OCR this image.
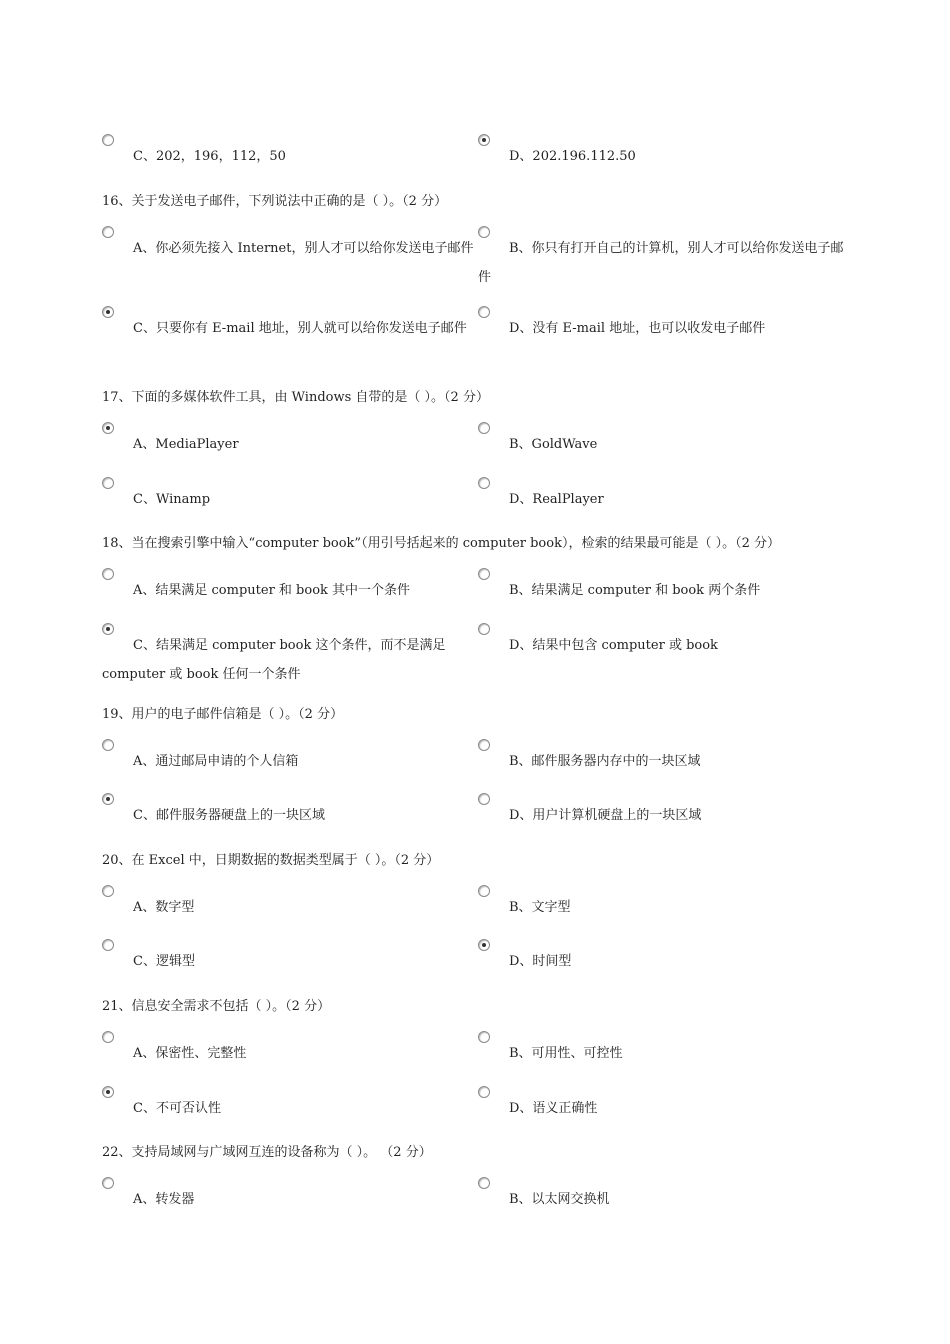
C、202，196，112，50	D、202.196.112.50
16、关于发送电子邮件，下列说法中正确的是（ ）。（2 分）
A、你必须先接入 Internet，别人才可以给你发送电子邮件	B、你只有打开自己的计算机，别人才可以给你发送电子邮件
C、只要你有 E-mail 地址，别人就可以给你发送电子邮件	D、没有 E-mail 地址，也可以收发电子邮件
17、下面的多媒体软件工具，由 Windows 自带的是（ ）。（2 分）
A、MediaPlayer	B、GoldWave
C、Winamp	D、RealPlayer
18、当在搜索引擎中输入“computer book”（用引号括起来的 computer book），检索的结果最可能是（ ）。（2 分）
A、结果满足 computer 和 book 其中一个条件	B、结果满足 computer 和 book 两个条件
C、结果满足 computer book 这个条件，而不是满足 computer 或 book 任何一个条件
D、结果中包含 computer 或 book
19、用户的电子邮件信箱是（ ）。（2 分）
A、通过邮局申请的个人信箱	B、邮件服务器内存中的一块区域
C、邮件服务器硬盘上的一块区域	D、用户计算机硬盘上的一块区域
20、在 Excel 中，日期数据的数据类型属于（ ）。（2 分）
A、数字型	B、文字型
C、逻辑型	D、时间型
21、信息安全需求不包括（ ）。（2 分）
A、保密性、完整性	B、可用性、可控性
C、不可否认性	D、语义正确性
22、支持局域网与广域网互连的设备称为（ ）。 （2 分）
A、转发器	B、以太网交换机
